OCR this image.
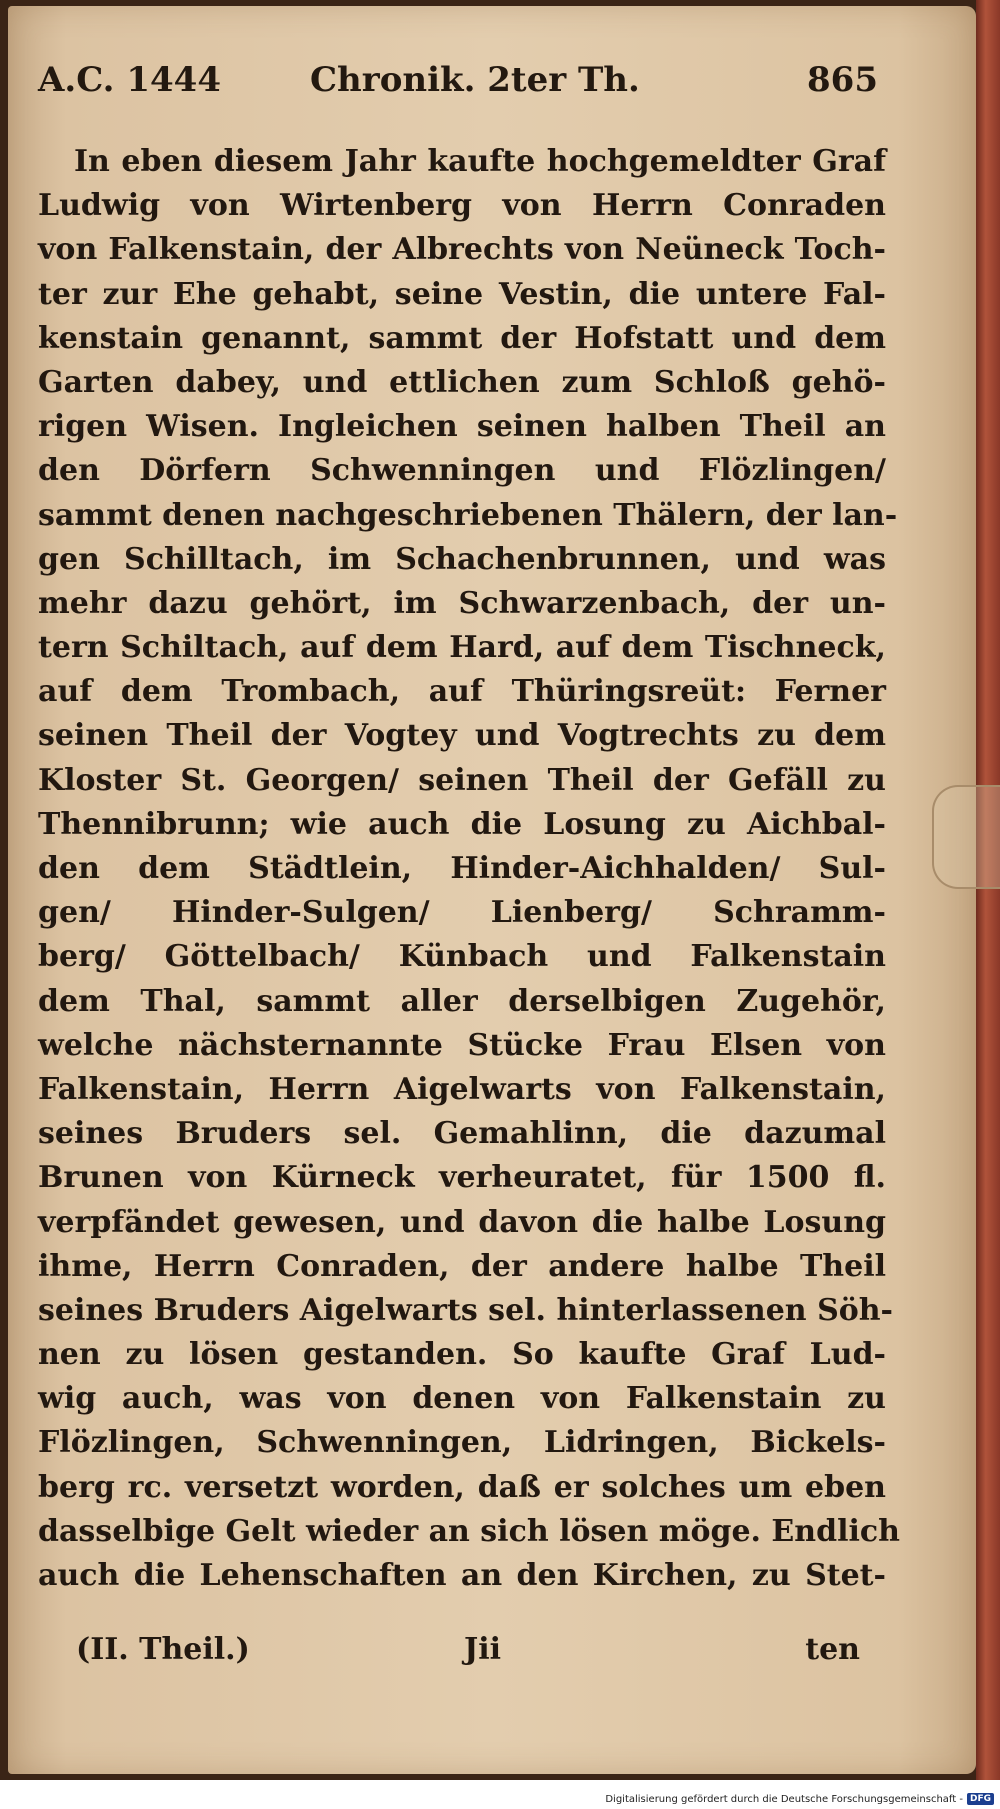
A.C. 1444	Chronik. 2ter Th.	865
In eben diesem Jahr kaufte hochgemeldter Graf
Ludwig von Wirtenberg von Herrn Conraden
von Falkenstain, der Albrechts von Neüneck Toch-
ter zur Ehe gehabt, seine Vestin, die untere Fal-
kenstain genannt, sammt der Hofstatt und dem
Garten dabey, und ettlichen zum Schloß gehö-
rigen Wisen. Ingleichen seinen halben Theil an
den Dörfern Schwenningen und Flözlingen/
sammt denen nachgeschriebenen Thälern, der lan-
gen Schilltach, im Schachenbrunnen, und was
mehr dazu gehört, im Schwarzenbach, der un-
tern Schiltach, auf dem Hard, auf dem Tischneck,
auf dem Trombach, auf Thüringsreüt: Ferner
seinen Theil der Vogtey und Vogtrechts zu dem
Kloster St. Georgen/ seinen Theil der Gefäll zu
Thennibrunn; wie auch die Losung zu Aichbal-
den dem Städtlein, Hinder-Aichhalden/ Sul-
gen/ Hinder-Sulgen/ Lienberg/ Schramm-
berg/ Göttelbach/ Künbach und Falkenstain
dem Thal, sammt aller derselbigen Zugehör,
welche nächsternannte Stücke Frau Elsen von
Falkenstain, Herrn Aigelwarts von Falkenstain,
seines Bruders sel. Gemahlinn, die dazumal
Brunen von Kürneck verheuratet, für 1500 fl.
verpfändet gewesen, und davon die halbe Losung
ihme, Herrn Conraden, der andere halbe Theil
seines Bruders Aigelwarts sel. hinterlassenen Söh-
nen zu lösen gestanden. So kaufte Graf Lud-
wig auch, was von denen von Falkenstain zu
Flözlingen, Schwenningen, Lidringen, Bickels-
berg rc. versetzt worden, daß er solches um eben
dasselbige Gelt wieder an sich lösen möge. Endlich
auch die Lehenschaften an den Kirchen, zu Stet-
(II. Theil.)	Jii	ten
Digitalisierung gefördert durch die Deutsche Forschungsgemeinschaft - DFG
